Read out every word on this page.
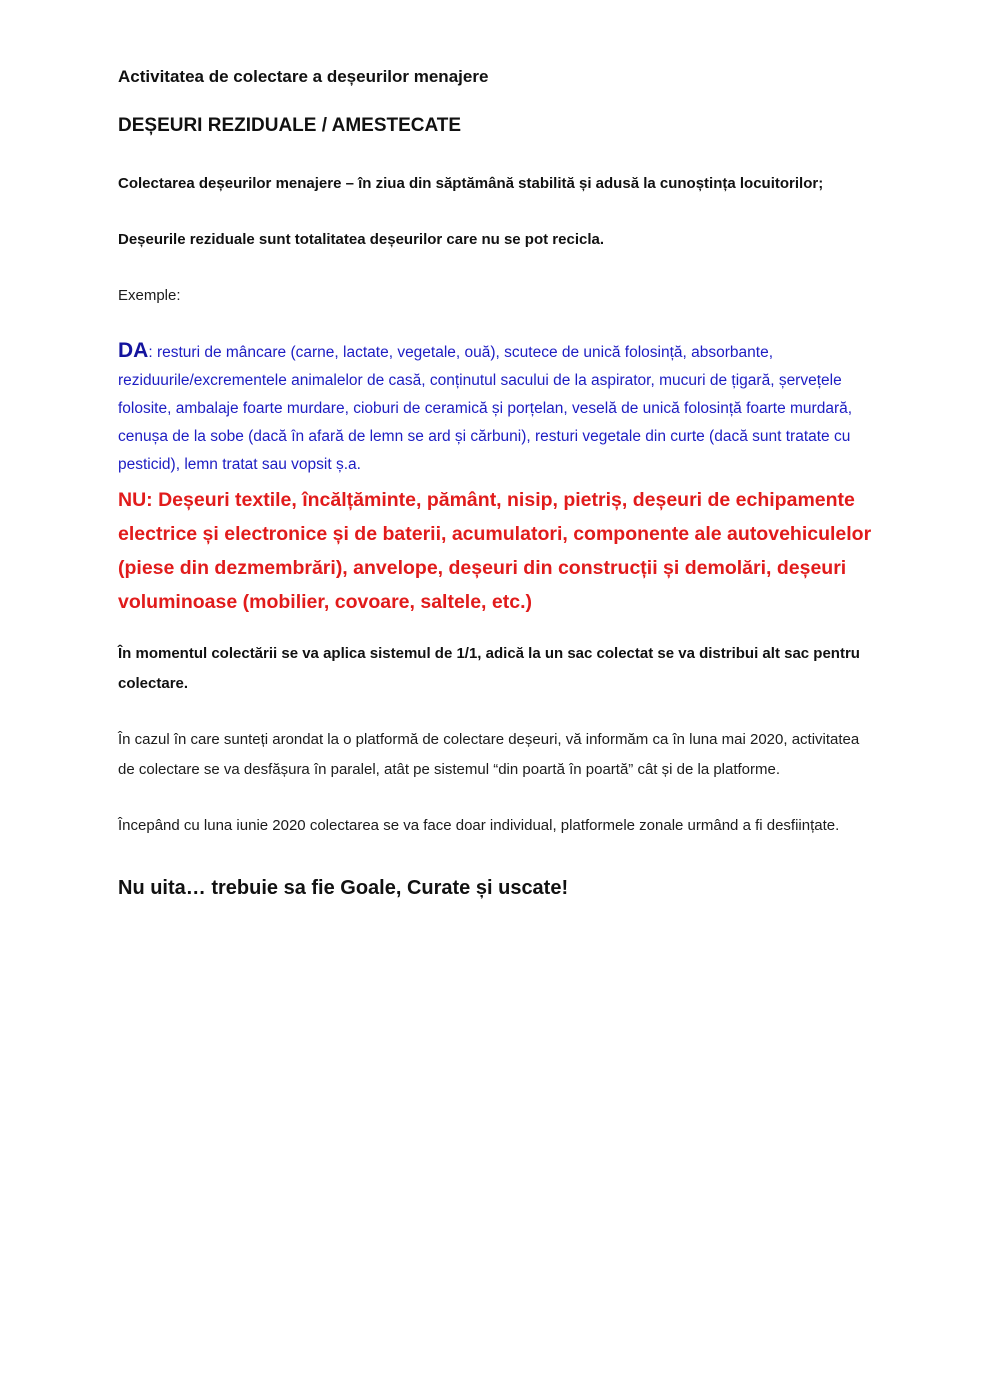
Activitatea de colectare a deșeurilor menajere
DEȘEURI REZIDUALE / AMESTECATE

Colectarea deșeurilor menajere – în ziua din săptămână stabilită și adusă la cunoștința locuitorilor;

Deșeurile reziduale sunt totalitatea deșeurilor care nu se pot recicla.

Exemple:

DA: resturi de mâncare (carne, lactate, vegetale, ouă), scutece de unică folosință, absorbante, reziduurile/excrementele animalelor de casă, conținutul sacului de la aspirator, mucuri de țigară, șervețele folosite, ambalaje foarte murdare, cioburi de ceramică și porțelan, veselă de unică folosință foarte murdară, cenușa de la sobe (dacă în afară de lemn se ard și cărbuni), resturi vegetale din curte (dacă sunt tratate cu pesticid), lemn tratat sau vopsit ș.a.

NU: Deșeuri textile, încălțăminte, pământ, nisip, pietriș, deșeuri de echipamente electrice și electronice și de baterii, acumulatori, componente ale autovehiculelor (piese din dezmembrări), anvelope, deșeuri din construcții și demolări, deșeuri voluminoase (mobilier, covoare, saltele, etc.)

În momentul colectării se va aplica sistemul de 1/1, adică la un sac colectat se va distribui alt sac pentru colectare.

În cazul în care sunteți arondat la o platformă de colectare deșeuri, vă informăm ca în luna mai 2020, activitatea de colectare se va desfășura în paralel, atât pe sistemul “din poartă în poartă” cât și de la platforme.

Începând cu luna iunie 2020 colectarea se va face doar individual, platformele zonale urmând a fi desființate.

Nu uita… trebuie sa fie Goale, Curate și uscate!
